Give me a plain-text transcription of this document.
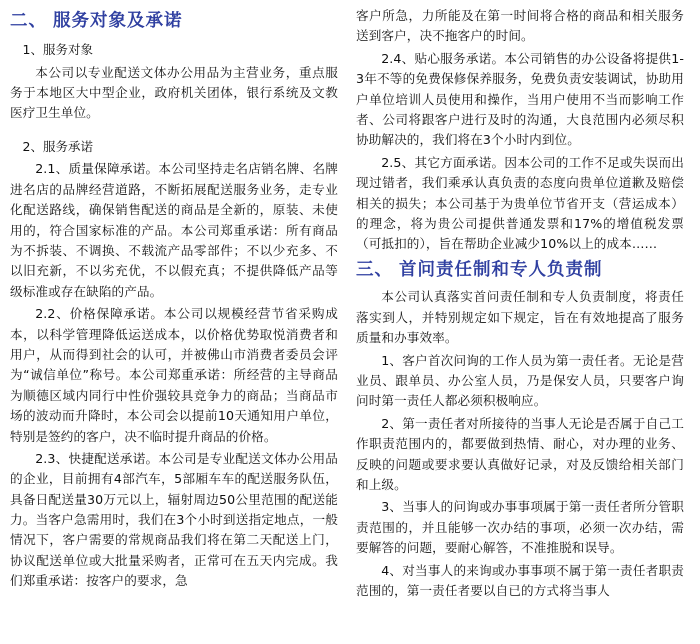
二、 服务对象及承诺
1、服务对象

本公司以专业配送文体办公用品为主营业务，重点服务于本地区大中型企业，政府机关团体，银行系统及文教医疗卫生单位。

2、服务承诺

2.1、质量保障承诺。本公司坚持走名店销名牌、名牌进名店的品牌经营道路，不断拓展配送服务业务，走专业化配送路线，确保销售配送的商品是全新的，原装、未使用的，符合国家标准的产品。本公司郑重承诺：所有商品为不拆装、不调换、不载流产品零部件；不以少充多、不以旧充新，不以劣充优，不以假充真；不提供降低产品等级标准或存在缺陷的产品。

2.2、价格保障承诺。本公司以规模经营节省采购成本，以科学管理降低运送成本，以价格优势取悦消费者和用户，从而得到社会的认可，并被佛山市消费者委员会评为“诚信单位”称号。本公司郑重承诺：所经营的主导商品为顺德区域内同行中性价强较具竞争力的商品；当商品市场的波动而升降时，本公司会以提前10天通知用户单位，特别是签约的客户，决不临时提升商品的价格。

2.3、快捷配送承诺。本公司是专业配送文体办公用品的企业，目前拥有4部汽车，5部厢车车的配送服务队伍，具备日配送量30万元以上，辐射周边50公里范围的配送能力。当客户急需用时，我们在3个小时到送指定地点，一般情况下，客户需要的常规商品我们将在第二天配送上门，协议配送单位或大批量采购者，正常可在五天内完成。我们郑重承诺：按客户的要求，急

客户所急，力所能及在第一时间将合格的商品和相关服务送到客户，决不拖客户的时间。

2.4、贴心服务承诺。本公司销售的办公设备将提供1-3年不等的免费保修保养服务，免费负责安装调试，协助用户单位培训人员使用和操作，当用户使用不当而影响工作者、公司将跟客户进行及时的沟通，大良范围内必须尽积协助解决的，我们将在3个小时内到位。

2.5、其它方面承诺。因本公司的工作不足或失误而出现过错者，我们乘承认真负责的态度向贵单位道歉及赔偿相关的损失；本公司基于为贵单位节省开支（营运成本）的理念，将为贵公司提供普通发票和17%的增值税发票（可抵扣的），旨在帮助企业减少10%以上的成本……

三、 首问责任制和专人负责制

本公司认真落实首问责任制和专人负责制度，将责任落实到人，并特别规定如下规定，旨在有效地提高了服务质量和办事效率。

1、客户首次问询的工作人员为第一责任者。无论是营业员、跟单员、办公室人员，乃是保安人员，只要客户询问时第一责任人都必须积极响应。

2、第一责任者对所接待的当事人无论是否属于自己工作职责范围内的，都要做到热情、耐心，对办理的业务、反映的问题或要求要认真做好记录，对及反馈给相关部门和上级。

3、当事人的问询或办事事项属于第一责任者所分管职责范围的，并且能够一次办结的事项，必须一次办结，需要解答的问题，要耐心解答，不准推脱和误导。

4、对当事人的来询或办事事项不属于第一责任者职责范围的，第一责任者要以自已的方式将当事人
